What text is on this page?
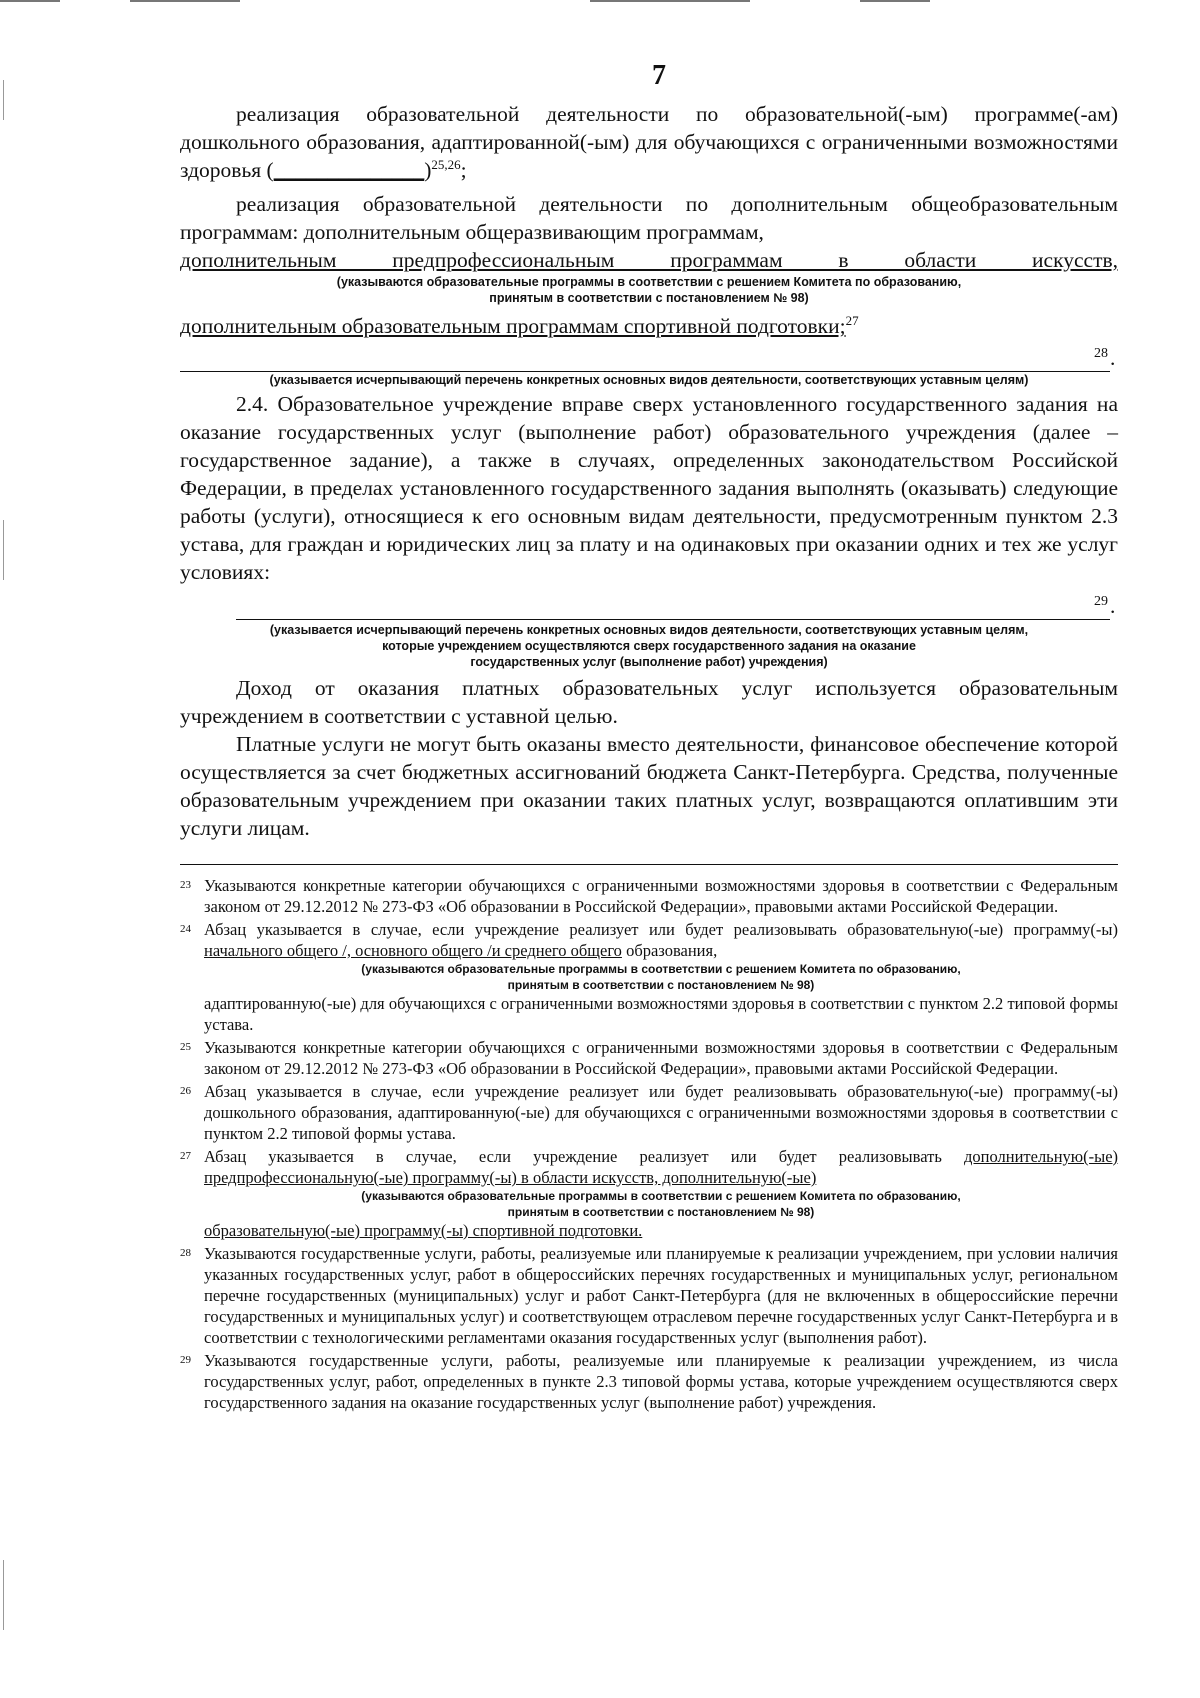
7

реализация образовательной деятельности по образовательной(-ым) программе(-ам) дошкольного образования, адаптированной(-ым) для обучающихся с ограниченными возможностями здоровья (______________)$^{25,26}$;

реализация образовательной деятельности по дополнительным общеобразовательным программам: дополнительным общеразвивающим программам,

дополнительным предпрофессиональным программам в области искусств,

(указываются образовательные программы в соответствии с решением Комитета по образованию,
принятым в соответствии с постановлением № 98)

дополнительным образовательным программам спортивной подготовки;$^{27}$

28 .
(указывается исчерпывающий перечень конкретных основных видов деятельности, соответствующих уставным целям)

2.4. Образовательное учреждение вправе сверх установленного государственного задания на оказание государственных услуг (выполнение работ) образовательного учреждения (далее – государственное задание), а также в случаях, определенных законодательством Российской Федерации, в пределах установленного государственного задания выполнять (оказывать) следующие работы (услуги), относящиеся к его основным видам деятельности, предусмотренным пунктом 2.3 устава, для граждан и юридических лиц за плату и на одинаковых при оказании одних и тех же услуг условиях:

29 .
(указывается исчерпывающий перечень конкретных основных видов деятельности, соответствующих уставным целям,
которые учреждением осуществляются сверх государственного задания на оказание
государственных услуг (выполнение работ) учреждения)

Доход от оказания платных образовательных услуг используется образовательным учреждением в соответствии с уставной целью.

Платные услуги не могут быть оказаны вместо деятельности, финансовое обеспечение которой осуществляется за счет бюджетных ассигнований бюджета Санкт-Петербурга. Средства, полученные образовательным учреждением при оказании таких платных услуг, возвращаются оплатившим эти услуги лицам.

23 Указываются конкретные категории обучающихся с ограниченными возможностями здоровья в соответствии с Федеральным законом от 29.12.2012 № 273-ФЗ «Об образовании в Российской Федерации», правовыми актами Российской Федерации.
24 Абзац указывается в случае, если учреждение реализует или будет реализовывать образовательную(-ые) программу(-ы) начального общего /, основного общего /и среднего общего образования,

(указываются образовательные программы в соответствии с решением Комитета по образованию,
принятым в соответствии с постановлением № 98)

адаптированную(-ые) для обучающихся с ограниченными возможностями здоровья в соответствии с пунктом 2.2 типовой формы устава.

25 Указываются конкретные категории обучающихся с ограниченными возможностями здоровья в соответствии с Федеральным законом от 29.12.2012 № 273-ФЗ «Об образовании в Российской Федерации», правовыми актами Российской Федерации.
26 Абзац указывается в случае, если учреждение реализует или будет реализовывать образовательную(-ые) программу(-ы) дошкольного образования, адаптированную(-ые) для обучающихся с ограниченными возможностями здоровья в соответствии с пунктом 2.2 типовой формы устава.
27 Абзац указывается в случае, если учреждение реализует или будет реализовывать дополнительную(-ые) предпрофессиональную(-ые) программу(-ы) в области искусств, дополнительную(-ые)

(указываются образовательные программы в соответствии с решением Комитета по образованию,
принятым в соответствии с постановлением № 98)

образовательную(-ые) программу(-ы) спортивной подготовки.

28 Указываются государственные услуги, работы, реализуемые или планируемые к реализации учреждением, при условии наличия указанных государственных услуг, работ в общероссийских перечнях государственных и муниципальных услуг, региональном перечне государственных (муниципальных) услуг и работ Санкт-Петербурга (для не включенных в общероссийские перечни государственных и муниципальных услуг) и соответствующем отраслевом перечне государственных услуг Санкт-Петербурга и в соответствии с технологическими регламентами оказания государственных услуг (выполнения работ).
29 Указываются государственные услуги, работы, реализуемые или планируемые к реализации учреждением, из числа государственных услуг, работ, определенных в пункте 2.3 типовой формы устава, которые учреждением осуществляются сверх государственного задания на оказание государственных услуг (выполнение работ) учреждения.
